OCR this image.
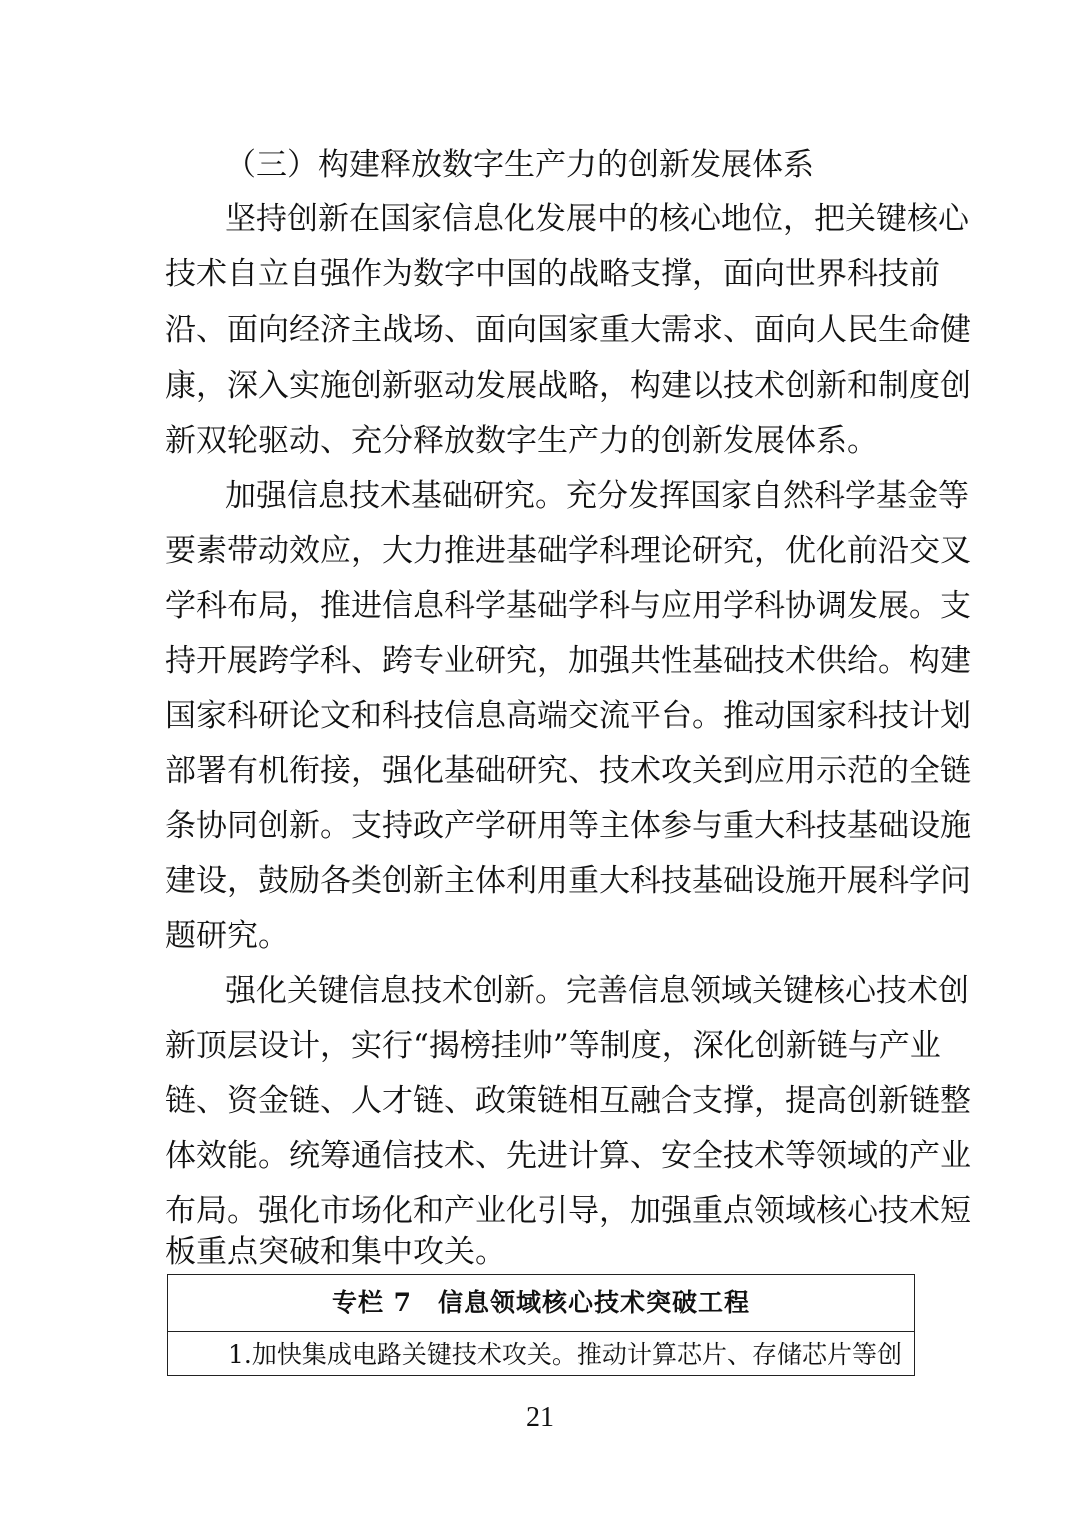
（三）构建释放数字生产力的创新发展体系
坚持创新在国家信息化发展中的核心地位，把关键核心
技术自立自强作为数字中国的战略支撑，面向世界科技前
沿、面向经济主战场、面向国家重大需求、面向人民生命健
康，深入实施创新驱动发展战略，构建以技术创新和制度创
新双轮驱动、充分释放数字生产力的创新发展体系。
加强信息技术基础研究。充分发挥国家自然科学基金等
要素带动效应，大力推进基础学科理论研究，优化前沿交叉
学科布局，推进信息科学基础学科与应用学科协调发展。支
持开展跨学科、跨专业研究，加强共性基础技术供给。构建
国家科研论文和科技信息高端交流平台。推动国家科技计划
部署有机衔接，强化基础研究、技术攻关到应用示范的全链
条协同创新。支持政产学研用等主体参与重大科技基础设施
建设，鼓励各类创新主体利用重大科技基础设施开展科学问
题研究。
强化关键信息技术创新。完善信息领域关键核心技术创
新顶层设计，实行“揭榜挂帅”等制度，深化创新链与产业
链、资金链、人才链、政策链相互融合支撑，提高创新链整
体效能。统筹通信技术、先进计算、安全技术等领域的产业
布局。强化市场化和产业化引导，加强重点领域核心技术短
板重点突破和集中攻关。
专栏 7　信息领域核心技术突破工程
1.加快集成电路关键技术攻关。推动计算芯片、存储芯片等创
21
